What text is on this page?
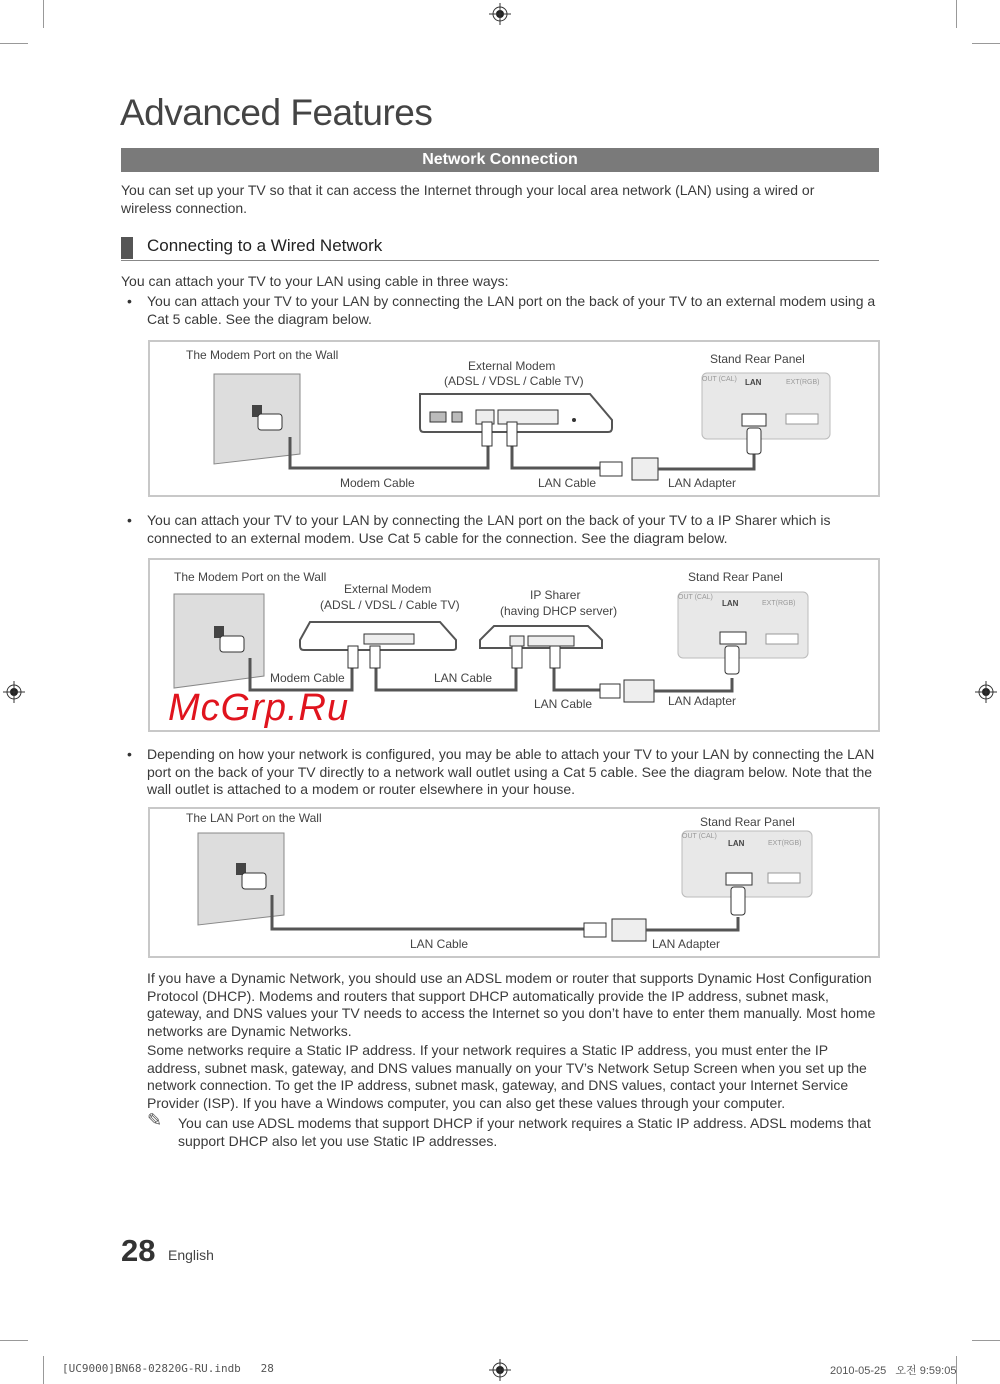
Advanced Features
Network Connection
You can set up your TV so that it can access the Internet through your local area network (LAN) using a wired or wireless connection.
Connecting to a Wired Network
You can attach your TV to your LAN using cable in three ways:
• You can attach your TV to your LAN by connecting the LAN port on the back of your TV to an external modem using a Cat 5 cable. See the diagram below.
The Modem Port on the Wall
External Modem
(ADSL / VDSL / Cable TV)
Stand Rear Panel
OUT (CAL) LAN	EXT(RGB)
Modem Cable	LAN Cable	LAN Adapter
• You can attach your TV to your LAN by connecting the LAN port on the back of your TV to a IP Sharer which is connected to an external modem. Use Cat 5 cable for the connection. See the diagram below.
The Modem Port on the Wall
External Modem
(ADSL / VDSL / Cable TV)
IP Sharer
(having DHCP server)
Stand Rear Panel
OUT (CAL)
LAN	EXT(RGB)
Modem Cable	LAN Cable
LAN Cable	LAN Adapter
McGrp.Ru
• Depending on how your network is configured, you may be able to attach your TV to your LAN by connecting the LAN port on the back of your TV directly to a network wall outlet using a Cat 5 cable. See the diagram below. Note that the wall outlet is attached to a modem or router elsewhere in your house.
The LAN Port on the Wall	Stand Rear Panel
OUT (CAL)
LAN	EXT(RGB)
LAN Cable	LAN Adapter
If you have a Dynamic Network, you should use an ADSL modem or router that supports Dynamic Host Configuration Protocol (DHCP). Modems and routers that support DHCP automatically provide the IP address, subnet mask, gateway, and DNS values your TV needs to access the Internet so you don’t have to enter them manually. Most home networks are Dynamic Networks.
Some networks require a Static IP address. If your network requires a Static IP address, you must enter the IP address, subnet mask, gateway, and DNS values manually on your TV’s Network Setup Screen when you set up the network connection. To get the IP address, subnet mask, gateway, and DNS values, contact your Internet Service Provider (ISP). If you have a Windows computer, you can also get these values through your computer.
✎ You can use ADSL modems that support DHCP if your network requires a Static IP address. ADSL modems that support DHCP also let you use Static IP addresses.
28 English
[UC9000]BN68-02820G-RU.indb   28	2010-05-25   오전 9:59:05
